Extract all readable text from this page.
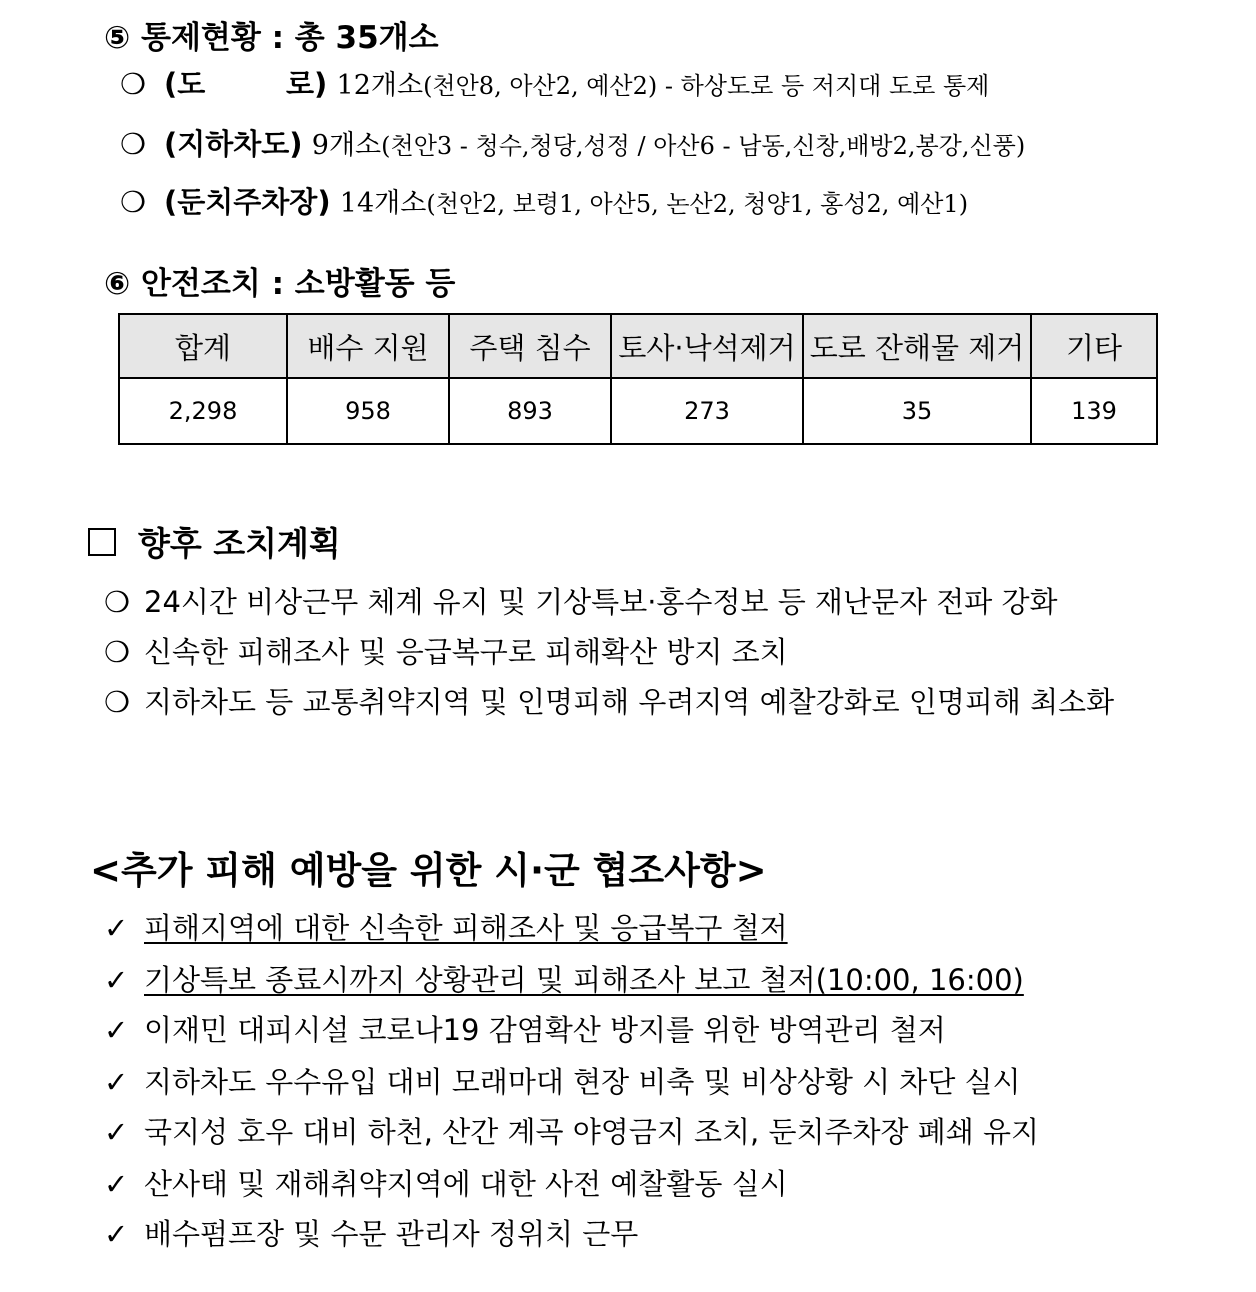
⑤ 통제현황 : 총 35개소
❍ (도        로) 12개소(천안8, 아산2, 예산2) - 하상도로 등 저지대 도로 통제
❍ (지하차도) 9개소(천안3 - 청수,청당,성정 / 아산6 - 남동,신창,배방2,봉강,신풍)
❍ (둔치주차장) 14개소(천안2, 보령1, 아산5, 논산2, 청양1, 홍성2, 예산1)
⑥ 안전조치 : 소방활동 등
합계	배수 지원	주택 침수	토사·낙석제거	도로 잔해물 제거	기타
2,298	958	893	273	35	139
향후 조치계획
❍ 24시간 비상근무 체계 유지 및 기상특보·홍수정보 등 재난문자 전파 강화
❍ 신속한 피해조사 및 응급복구로 피해확산 방지 조치
❍ 지하차도 등 교통취약지역 및 인명피해 우려지역 예찰강화로 인명피해 최소화
<추가 피해 예방을 위한 시·군 협조사항>
✓ 피해지역에 대한 신속한 피해조사 및 응급복구 철저
✓ 기상특보 종료시까지 상황관리 및 피해조사 보고 철저(10:00, 16:00)
✓ 이재민 대피시설 코로나19 감염확산 방지를 위한 방역관리 철저
✓ 지하차도 우수유입 대비 모래마대 현장 비축 및 비상상황 시 차단 실시
✓ 국지성 호우 대비 하천, 산간 계곡 야영금지 조치, 둔치주차장 폐쇄 유지
✓ 산사태 및 재해취약지역에 대한 사전 예찰활동 실시
✓ 배수펌프장 및 수문 관리자 정위치 근무
